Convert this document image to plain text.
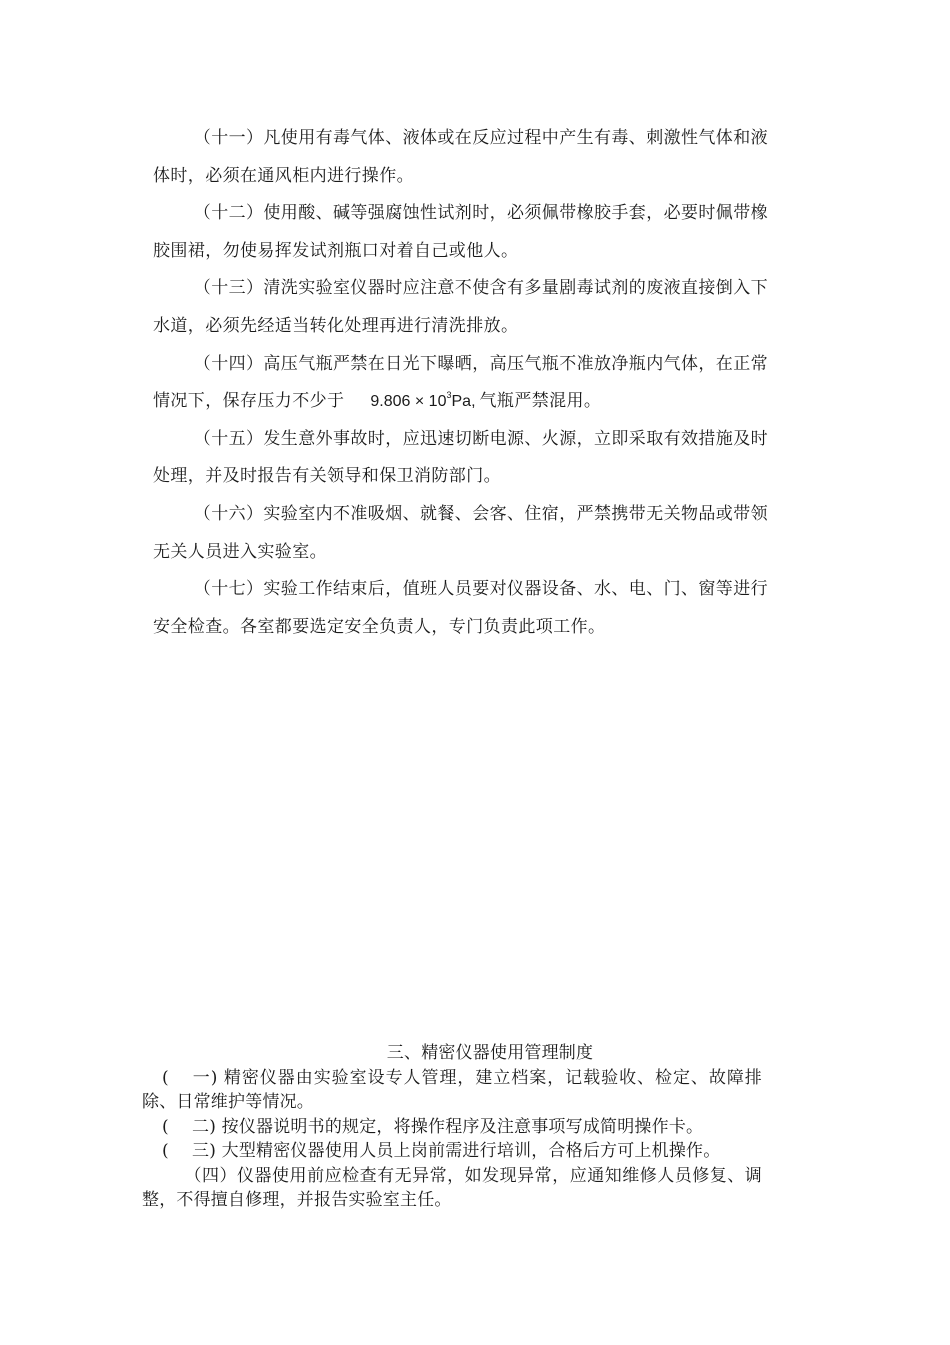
（十一）凡使用有毒气体、液体或在反应过程中产生有毒、刺激性气体和液体时，必须在通风柜内进行操作。

（十二）使用酸、碱等强腐蚀性试剂时，必须佩带橡胶手套，必要时佩带橡胶围裙，勿使易挥发试剂瓶口对着自己或他人。

（十三）清洗实验室仪器时应注意不使含有多量剧毒试剂的废液直接倒入下水道，必须先经适当转化处理再进行清洗排放。

（十四）高压气瓶严禁在日光下曝晒，高压气瓶不准放净瓶内气体，在正常情况下，保存压力不少于 $9.806 \times 10^3Pa$, 气瓶严禁混用。

（十五）发生意外事故时，应迅速切断电源、火源，立即采取有效措施及时处理，并及时报告有关领导和保卫消防部门。

（十六）实验室内不准吸烟、就餐、会客、住宿，严禁携带无关物品或带领无关人员进入实验室。

（十七）实验工作结束后，值班人员要对仪器设备、水、电、门、窗等进行安全检查。各室都要选定安全负责人，专门负责此项工作。

三、精密仪器使用管理制度

( 一) 精密仪器由实验室设专人管理，建立档案，记载验收、检定、故障排除、日常维护等情况。

( 二) 按仪器说明书的规定，将操作程序及注意事项写成简明操作卡。

( 三) 大型精密仪器使用人员上岗前需进行培训，合格后方可上机操作。

（四）仪器使用前应检查有无异常，如发现异常，应通知维修人员修复、调整，不得擅自修理，并报告实验室主任。
